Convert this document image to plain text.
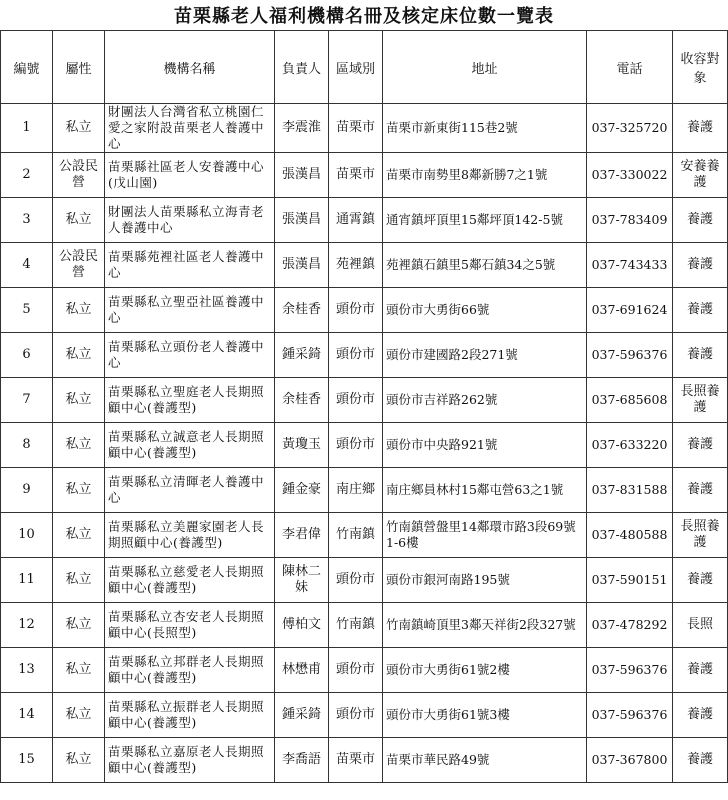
苗栗縣老人福利機構名冊及核定床位數一覽表
編號	屬性	機構名稱	負責人	區域別	地址	電話	收容對象
1	私立	財團法人台灣省私立桃園仁愛之家附設苗栗老人養護中心	李震淮	苗栗市	苗栗市新東街115巷2號	037-325720	養護
2	公設民營	苗栗縣社區老人安養護中心(戊山園)	張漢昌	苗栗市	苗栗市南勢里8鄰新勝7之1號	037-330022	安養養護
3	私立	財團法人苗栗縣私立海青老人養護中心	張漢昌	通霄鎮	通宵鎮坪頂里15鄰坪頂142-5號	037-783409	養護
4	公設民營	苗栗縣苑裡社區老人養護中心	張漢昌	苑裡鎮	苑裡鎮石鎮里5鄰石鎮34之5號	037-743433	養護
5	私立	苗栗縣私立聖亞社區養護中心	余桂香	頭份市	頭份市大勇街66號	037-691624	養護
6	私立	苗栗縣私立頭份老人養護中心	鍾采錡	頭份市	頭份市建國路2段271號	037-596376	養護
7	私立	苗栗縣私立聖庭老人長期照顧中心(養護型)	余桂香	頭份市	頭份市吉祥路262號	037-685608	長照養護
8	私立	苗栗縣私立誠意老人長期照顧中心(養護型)	黃瓊玉	頭份市	頭份市中央路921號	037-633220	養護
9	私立	苗栗縣私立清暉老人養護中心	鍾金豪	南庄鄉	南庄鄉員林村15鄰屯營63之1號	037-831588	養護
10	私立	苗栗縣私立美麗家園老人長期照顧中心(養護型)	李君偉	竹南鎮	竹南鎮營盤里14鄰環市路3段69號1-6樓	037-480588	長照養護
11	私立	苗栗縣私立慈愛老人長期照顧中心(養護型)	陳林二妹	頭份市	頭份市銀河南路195號	037-590151	養護
12	私立	苗栗縣私立杏安老人長期照顧中心(長照型)	傅柏文	竹南鎮	竹南鎮崎頂里3鄰天祥街2段327號	037-478292	長照
13	私立	苗栗縣私立邦群老人長期照顧中心(養護型)	林懋甫	頭份市	頭份市大勇街61號2樓	037-596376	養護
14	私立	苗栗縣私立振群老人長期照顧中心(養護型)	鍾采錡	頭份市	頭份市大勇街61號3樓	037-596376	養護
15	私立	苗栗縣私立嘉原老人長期照顧中心(養護型)	李喬語	苗栗市	苗栗市華民路49號	037-367800	養護
